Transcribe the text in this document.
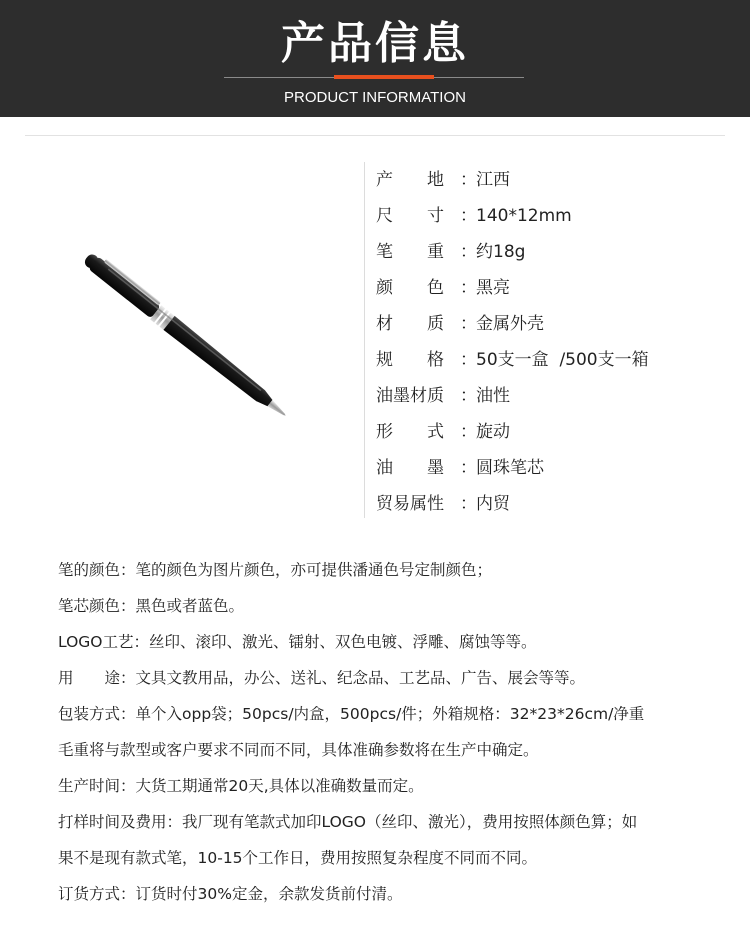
产品信息
PRODUCT INFORMATION
产　　地 ： 江西
尺　　寸 ： 140*12mm
笔　　重 ： 约18g
颜　　色 ： 黑亮
材　　质 ： 金属外壳
规　　格 ： 50支一盒  /500支一箱
油墨材质 ： 油性
形　　式 ： 旋动
油　　墨 ： 圆珠笔芯
贸易属性 ： 内贸
笔的颜色：笔的颜色为图片颜色，亦可提供潘通色号定制颜色；
笔芯颜色：黑色或者蓝色。
LOGO工艺：丝印、滚印、激光、镭射、双色电镀、浮雕、腐蚀等等。
用　　途：文具文教用品，办公、送礼、纪念品、工艺品、广告、展会等等。
包装方式：单个入opp袋；50pcs/内盒，500pcs/件；外箱规格：32*23*26cm/净重
毛重将与款型或客户要求不同而不同，具体准确参数将在生产中确定。
生产时间：大货工期通常20天,具体以准确数量而定。
打样时间及费用：我厂现有笔款式加印LOGO（丝印、激光），费用按照体颜色算；如
果不是现有款式笔，10-15个工作日，费用按照复杂程度不同而不同。
订货方式：订货时付30%定金，余款发货前付清。
